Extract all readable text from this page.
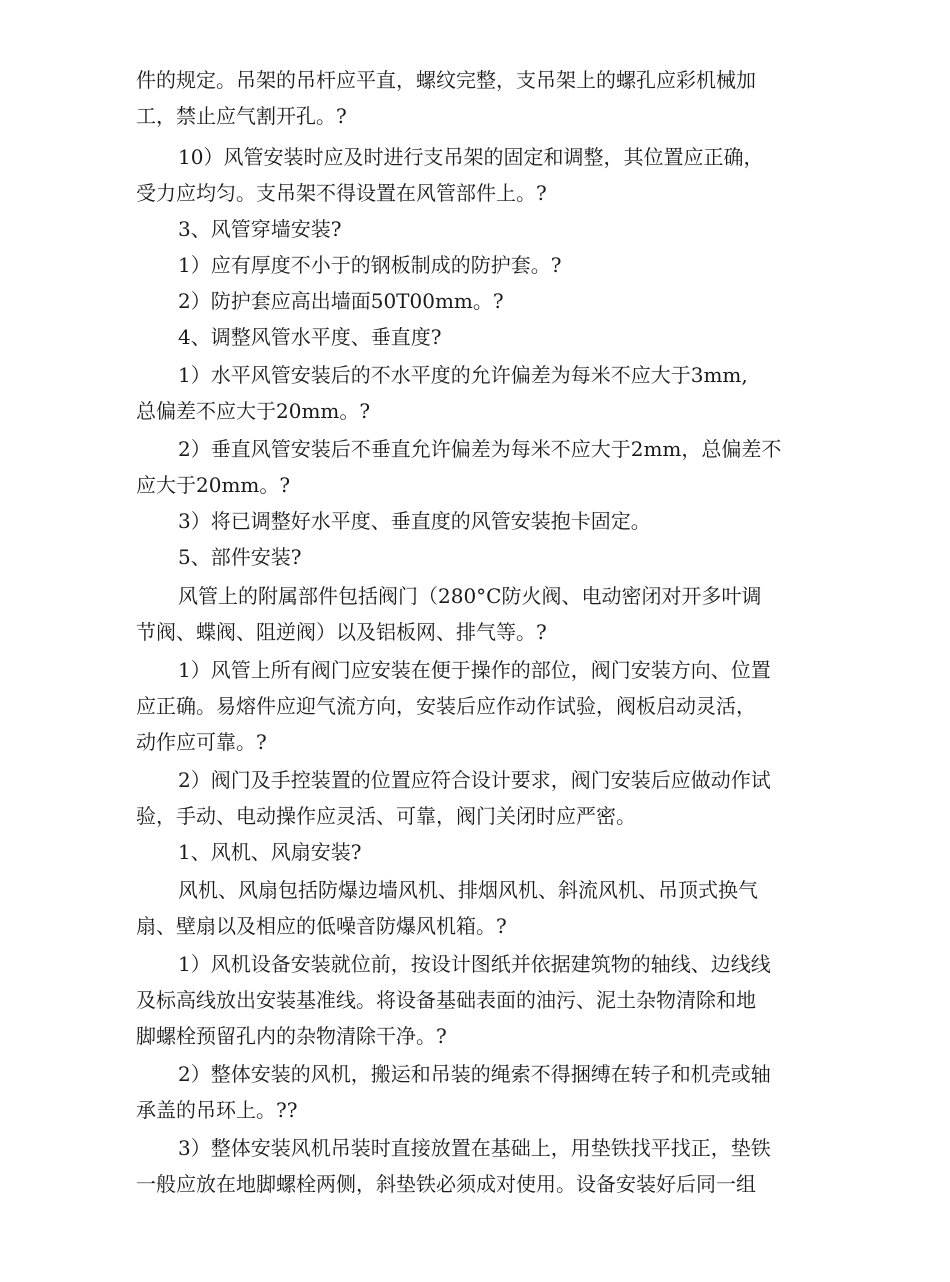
件的规定。吊架的吊杆应平直，螺纹完整，支吊架上的螺孔应彩机械加

工，禁止应气割开孔。?

10）风管安装时应及时进行支吊架的固定和调整，其位置应正确，

受力应均匀。支吊架不得设置在风管部件上。?

3、风管穿墙安装?

1）应有厚度不小于的钢板制成的防护套。?

2）防护套应高出墙面50T00mm。?

4、调整风管水平度、垂直度?

1）水平风管安装后的不水平度的允许偏差为每米不应大于3mm,

总偏差不应大于20mm。?

2）垂直风管安装后不垂直允许偏差为每米不应大于2mm，总偏差不

应大于20mm。?

3）将已调整好水平度、垂直度的风管安装抱卡固定。

5、部件安装?

风管上的附属部件包括阀门（280°C防火阀、电动密闭对开多叶调

节阀、蝶阀、阻逆阀）以及铝板网、排气等。?

1）风管上所有阀门应安装在便于操作的部位，阀门安装方向、位置

应正确。易熔件应迎气流方向，安装后应作动作试验，阀板启动灵活，

动作应可靠。?

2）阀门及手控装置的位置应符合设计要求，阀门安装后应做动作试

验，手动、电动操作应灵活、可靠，阀门关闭时应严密。

1、风机、风扇安装?

风机、风扇包括防爆边墙风机、排烟风机、斜流风机、吊顶式换气

扇、壁扇以及相应的低噪音防爆风机箱。?

1）风机设备安装就位前，按设计图纸并依据建筑物的轴线、边线线

及标高线放出安装基准线。将设备基础表面的油污、泥土杂物清除和地

脚螺栓预留孔内的杂物清除干净。?

2）整体安装的风机，搬运和吊装的绳索不得捆缚在转子和机壳或轴

承盖的吊环上。??

3）整体安装风机吊装时直接放置在基础上，用垫铁找平找正，垫铁

一般应放在地脚螺栓两侧，斜垫铁必须成对使用。设备安装好后同一组
